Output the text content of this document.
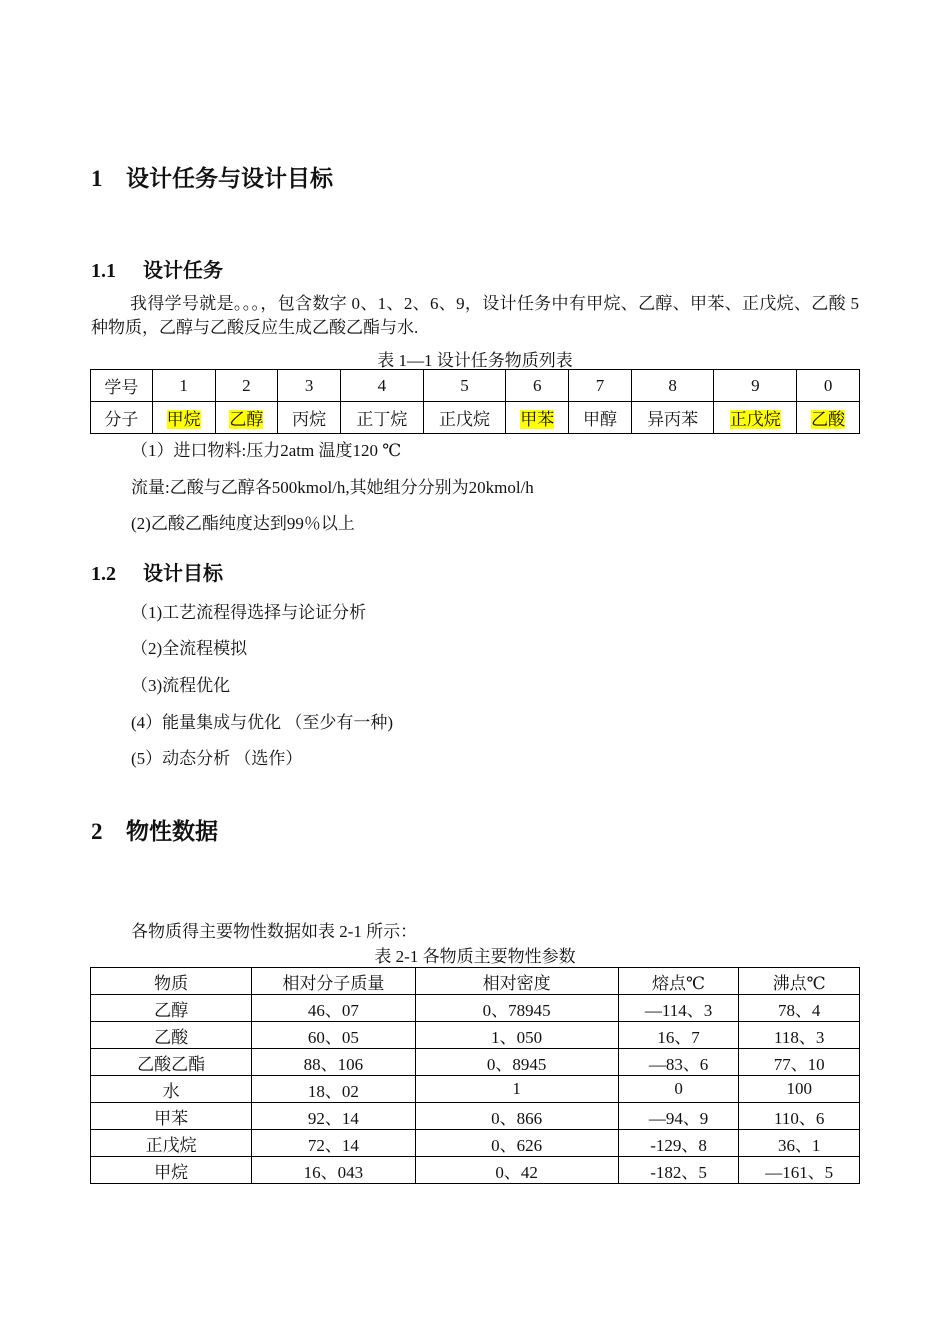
1 设计任务与设计目标
1.1 设计任务
我得学号就是。。。，包含数字 0、1、2、6、9，设计任务中有甲烷、乙醇、甲苯、正戊烷、乙酸 5 种物质，乙醇与乙酸反应生成乙酸乙酯与水.
表 1—1 设计任务物质列表
学号	1	2	3	4	5	6	7	8	9	0
分子	甲烷	乙醇	丙烷	正丁烷	正戊烷	甲苯	甲醇	异丙苯	正戊烷	乙酸
（1）进口物料:压力2atm 温度120 ℃
流量:乙酸与乙醇各500kmol/h,其她组分分别为20kmol/h
(2)乙酸乙酯纯度达到99％以上
1.2 设计目标
（1)工艺流程得选择与论证分析
（2)全流程模拟
（3)流程优化
(4）能量集成与优化 （至少有一种)
(5）动态分析 （选作）
2 物性数据
各物质得主要物性数据如表 2-1 所示：
表 2-1 各物质主要物性参数
物质	相对分子质量	相对密度	熔点℃	沸点℃
乙醇	46、07	0、78945	—114、3	78、4
乙酸	60、05	1、050	16、7	118、3
乙酸乙酯	88、106	0、8945	—83、6	77、10
水	18、02	1	0	100
甲苯	92、14	0、866	—94、9	110、6
正戊烷	72、14	0、626	-129、8	36、1
甲烷	16、043	0、42	-182、5	—161、5
